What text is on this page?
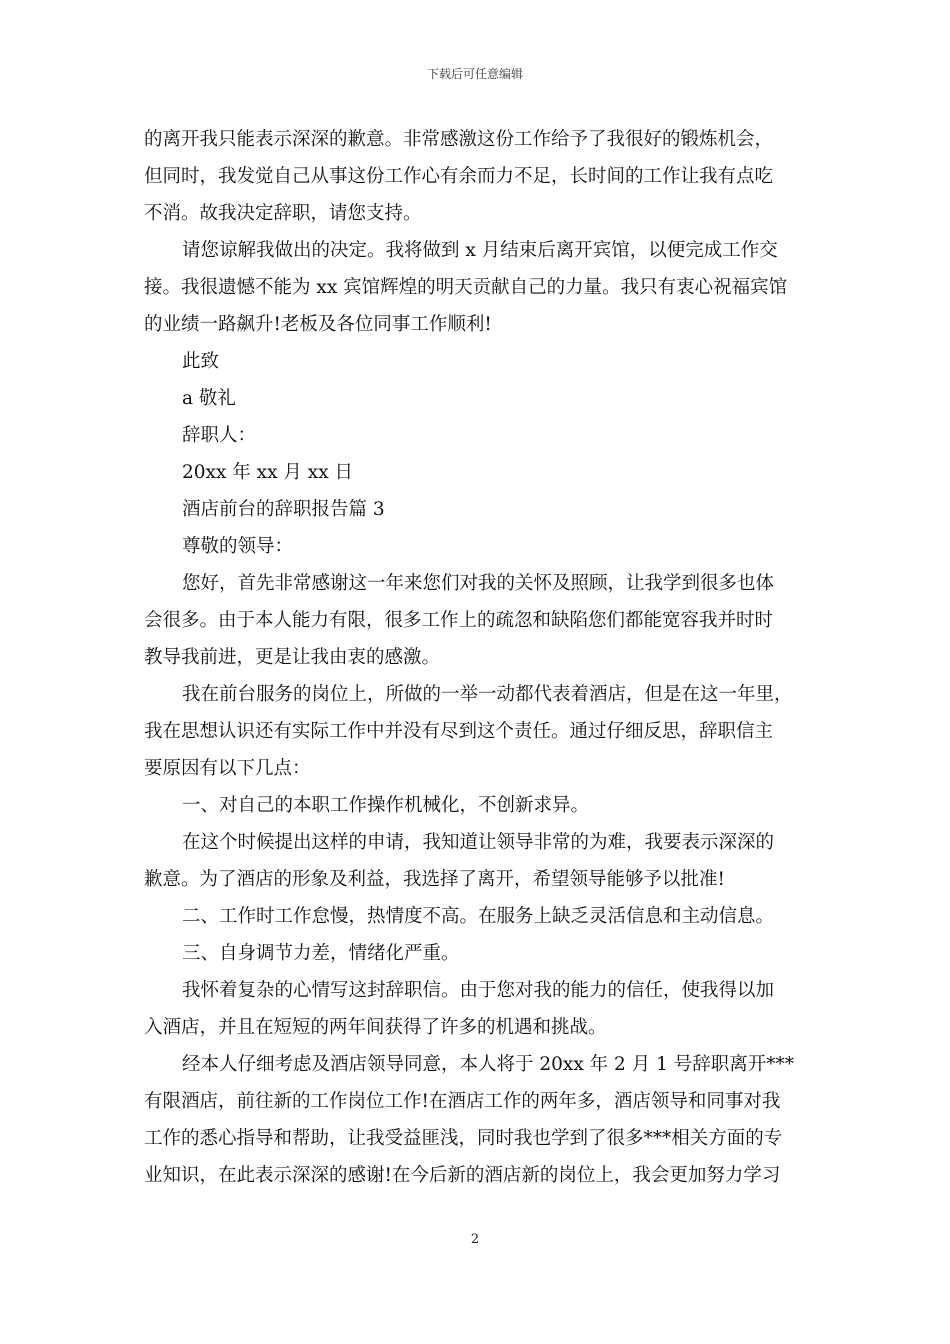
下载后可任意编辑
的离开我只能表示深深的歉意。非常感激这份工作给予了我很好的锻炼机会，
但同时，我发觉自己从事这份工作心有余而力不足，长时间的工作让我有点吃
不消。故我决定辞职，请您支持。
请您谅解我做出的决定。我将做到 x 月结束后离开宾馆，以便完成工作交
接。我很遗憾不能为 xx 宾馆辉煌的明天贡献自己的力量。我只有衷心祝福宾馆
的业绩一路飙升!老板及各位同事工作顺利!
此致
a 敬礼
辞职人：
20xx 年 xx 月 xx 日
酒店前台的辞职报告篇 3
尊敬的领导：
您好，首先非常感谢这一年来您们对我的关怀及照顾，让我学到很多也体
会很多。由于本人能力有限，很多工作上的疏忽和缺陷您们都能宽容我并时时
教导我前进，更是让我由衷的感激。
我在前台服务的岗位上，所做的一举一动都代表着酒店，但是在这一年里，
我在思想认识还有实际工作中并没有尽到这个责任。通过仔细反思，辞职信主
要原因有以下几点：
一、对自己的本职工作操作机械化，不创新求异。
在这个时候提出这样的申请，我知道让领导非常的为难，我要表示深深的
歉意。为了酒店的形象及利益，我选择了离开，希望领导能够予以批准!
二、工作时工作怠慢，热情度不高。在服务上缺乏灵活信息和主动信息。
三、自身调节力差，情绪化严重。
我怀着复杂的心情写这封辞职信。由于您对我的能力的信任，使我得以加
入酒店，并且在短短的两年间获得了许多的机遇和挑战。
经本人仔细考虑及酒店领导同意，本人将于 20xx 年 2 月 1 号辞职离开***
有限酒店，前往新的工作岗位工作!在酒店工作的两年多，酒店领导和同事对我
工作的悉心指导和帮助，让我受益匪浅，同时我也学到了很多***相关方面的专
业知识，在此表示深深的感谢!在今后新的酒店新的岗位上，我会更加努力学习
2
